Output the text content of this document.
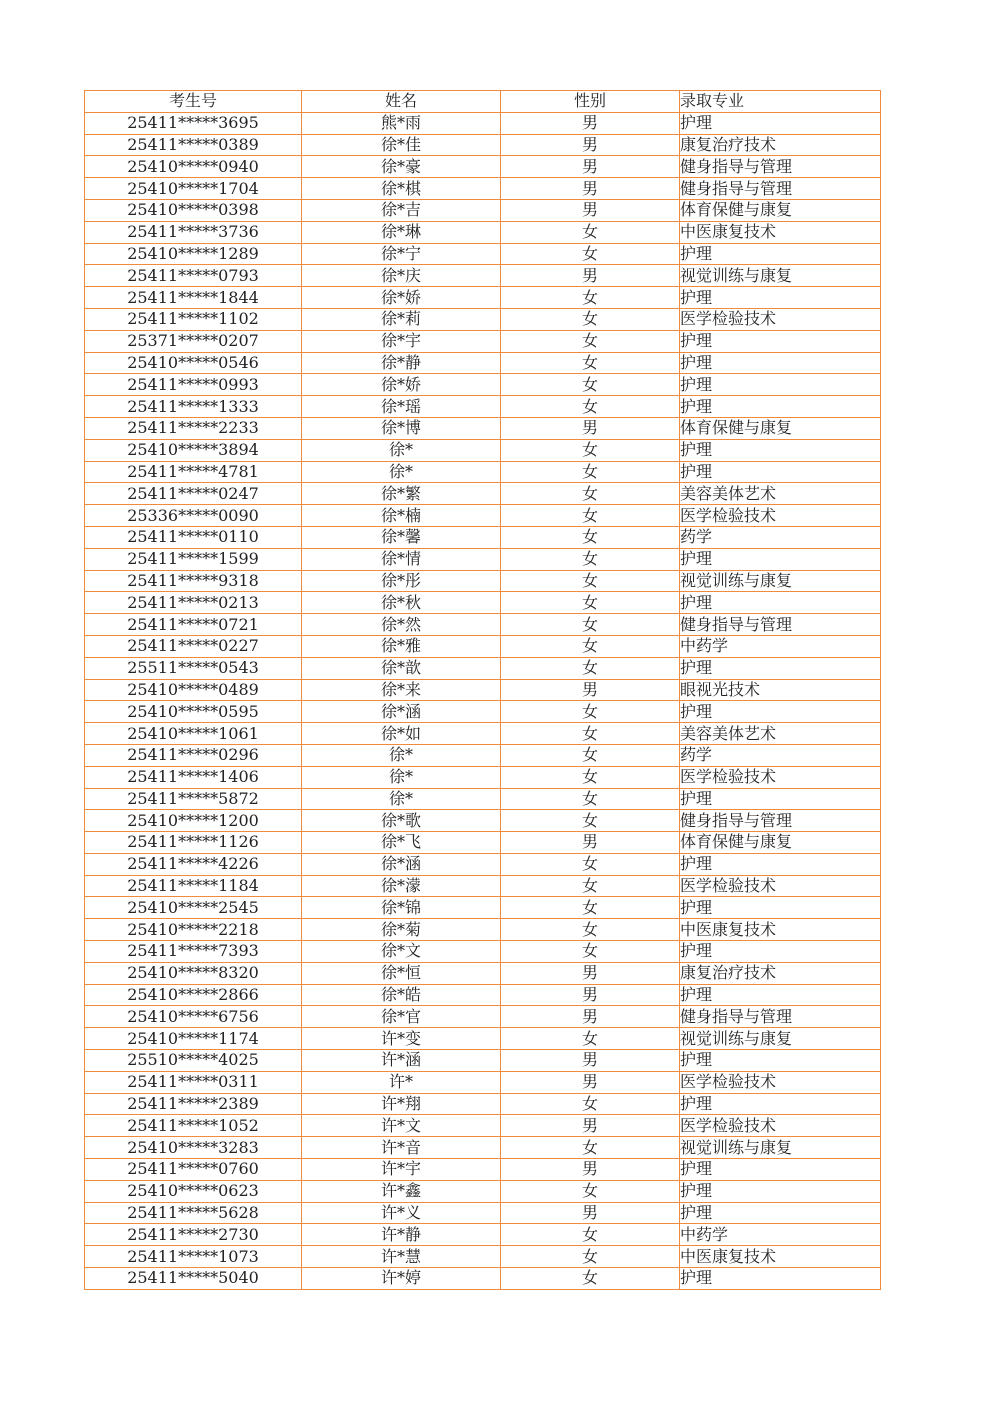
考生号	姓名	性别	录取专业
25411*****3695	熊*雨	男	护理
25411*****0389	徐*佳	男	康复治疗技术
25410*****0940	徐*豪	男	健身指导与管理
25410*****1704	徐*棋	男	健身指导与管理
25410*****0398	徐*吉	男	体育保健与康复
25411*****3736	徐*琳	女	中医康复技术
25410*****1289	徐*宁	女	护理
25411*****0793	徐*庆	男	视觉训练与康复
25411*****1844	徐*娇	女	护理
25411*****1102	徐*莉	女	医学检验技术
25371*****0207	徐*宇	女	护理
25410*****0546	徐*静	女	护理
25411*****0993	徐*娇	女	护理
25411*****1333	徐*瑶	女	护理
25411*****2233	徐*博	男	体育保健与康复
25410*****3894	徐*	女	护理
25411*****4781	徐*	女	护理
25411*****0247	徐*繁	女	美容美体艺术
25336*****0090	徐*楠	女	医学检验技术
25411*****0110	徐*馨	女	药学
25411*****1599	徐*情	女	护理
25411*****9318	徐*彤	女	视觉训练与康复
25411*****0213	徐*秋	女	护理
25411*****0721	徐*然	女	健身指导与管理
25411*****0227	徐*雅	女	中药学
25511*****0543	徐*歆	女	护理
25410*****0489	徐*来	男	眼视光技术
25410*****0595	徐*涵	女	护理
25410*****1061	徐*如	女	美容美体艺术
25411*****0296	徐*	女	药学
25411*****1406	徐*	女	医学检验技术
25411*****5872	徐*	女	护理
25410*****1200	徐*歌	女	健身指导与管理
25411*****1126	徐*飞	男	体育保健与康复
25411*****4226	徐*涵	女	护理
25411*****1184	徐*濛	女	医学检验技术
25410*****2545	徐*锦	女	护理
25410*****2218	徐*菊	女	中医康复技术
25411*****7393	徐*文	女	护理
25410*****8320	徐*恒	男	康复治疗技术
25410*****2866	徐*皓	男	护理
25410*****6756	徐*官	男	健身指导与管理
25410*****1174	许*变	女	视觉训练与康复
25510*****4025	许*涵	男	护理
25411*****0311	许*	男	医学检验技术
25411*****2389	许*翔	女	护理
25411*****1052	许*文	男	医学检验技术
25410*****3283	许*音	女	视觉训练与康复
25411*****0760	许*宇	男	护理
25410*****0623	许*鑫	女	护理
25411*****5628	许*义	男	护理
25411*****2730	许*静	女	中药学
25411*****1073	许*慧	女	中医康复技术
25411*****5040	许*婷	女	护理
